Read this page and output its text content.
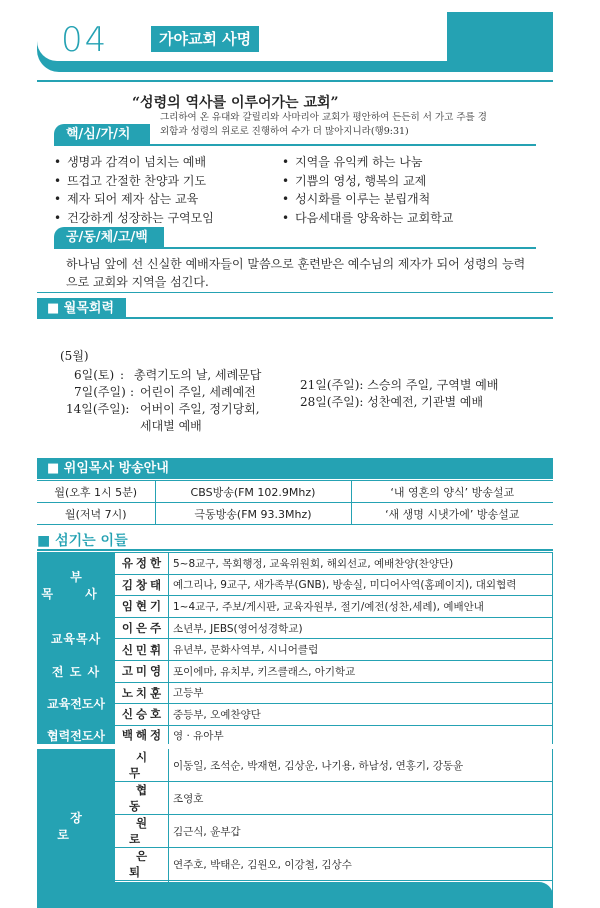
04	가야교회 사명
“성령의 역사를 이루어가는 교회”
그리하여 온 유대와 갈릴리와 사마리아 교회가 평안하여 든든히 서 가고 주를 경외함과 성령의 위로로 진행하여 수가 더 많아지니라(행9:31)
핵/심/가/치
• 생명과 감격이 넘치는 예배
• 뜨겁고 간절한 찬양과 기도
• 제자 되어 제자 삼는 교육
• 건강하게 성장하는 구역모임
• 지역을 유익케 하는 나눔
• 기쁨의 영성, 행복의 교제
• 성시화를 이루는 분립개척
• 다음세대를 양육하는 교회학교
공/동/체/고/백
하나님 앞에 선 신실한 예배자들이 말씀으로 훈련받은 예수님의 제자가 되어 성령의 능력으로 교회와 지역을 섬긴다.
■ 월목회력
(5월)
6일(토) : 총력기도의 날, 세례문답
7일(주일) : 어린이 주일, 세례예전
14일(주일): 어버이 주일, 정기당회,
세대별 예배
21일(주일): 스승의 주일, 구역별 예배
28일(주일): 성찬예전, 기관별 예배
■ 위임목사 방송안내
월(오후 1시 5분)	CBS방송(FM 102.9Mhz)	‘내 영혼의 양식’ 방송설교
월(저녁 7시)	극동방송(FM 93.3Mhz)	‘새 생명 시냇가에’ 방송설교
■ 섬기는 이들
부 목 사	유정한	5~8교구, 목회행정, 교육위원회, 해외선교, 예배찬양(찬양단)
	김창태	예그리나, 9교구, 새가족부(GNB), 방송실, 미디어사역(홈페이지), 대외협력
	임현기	1~4교구, 주보/게시판, 교육자원부, 절기/예전(성찬,세례), 예배안내
교육목사	이은주	소년부, JEBS(영어성경학교)
	신민휘	유년부, 문화사역부, 시니어클럽
전 도 사	고미영	포이에마, 유치부, 키즈클래스, 아기학교
교육전도사	노치훈	고등부
	신승호	중등부, 오예찬양단
협력전도사	백해정	영 · 유아부
장 로	시 무	이동일, 조석순, 박재현, 김상운, 나기용, 하남성, 연홍기, 강동윤
	협 동	조영호
	원 로	김근식, 윤부갑
	은 퇴	연주호, 박태은, 김원오, 이강철, 김상수
